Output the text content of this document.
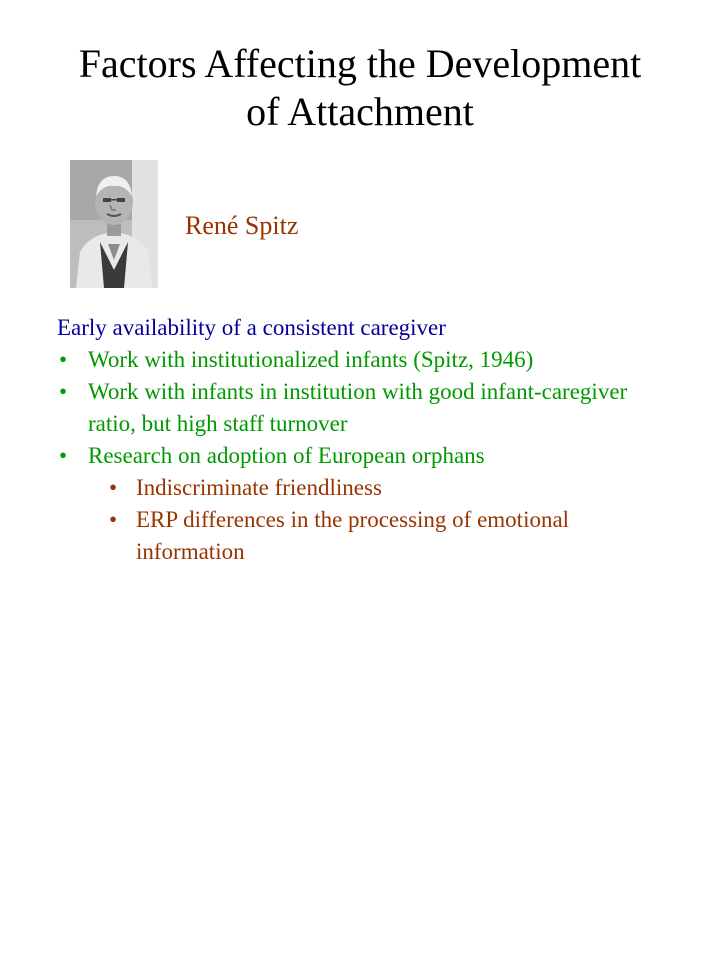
Factors Affecting the Development
of Attachment
René Spitz
Early availability of a consistent caregiver
• Work with institutionalized infants (Spitz, 1946)
• Work with infants in institution with good infant-caregiver ratio, but high staff turnover
• Research on adoption of European orphans
• Indiscriminate friendliness
• ERP differences in the processing of emotional information
